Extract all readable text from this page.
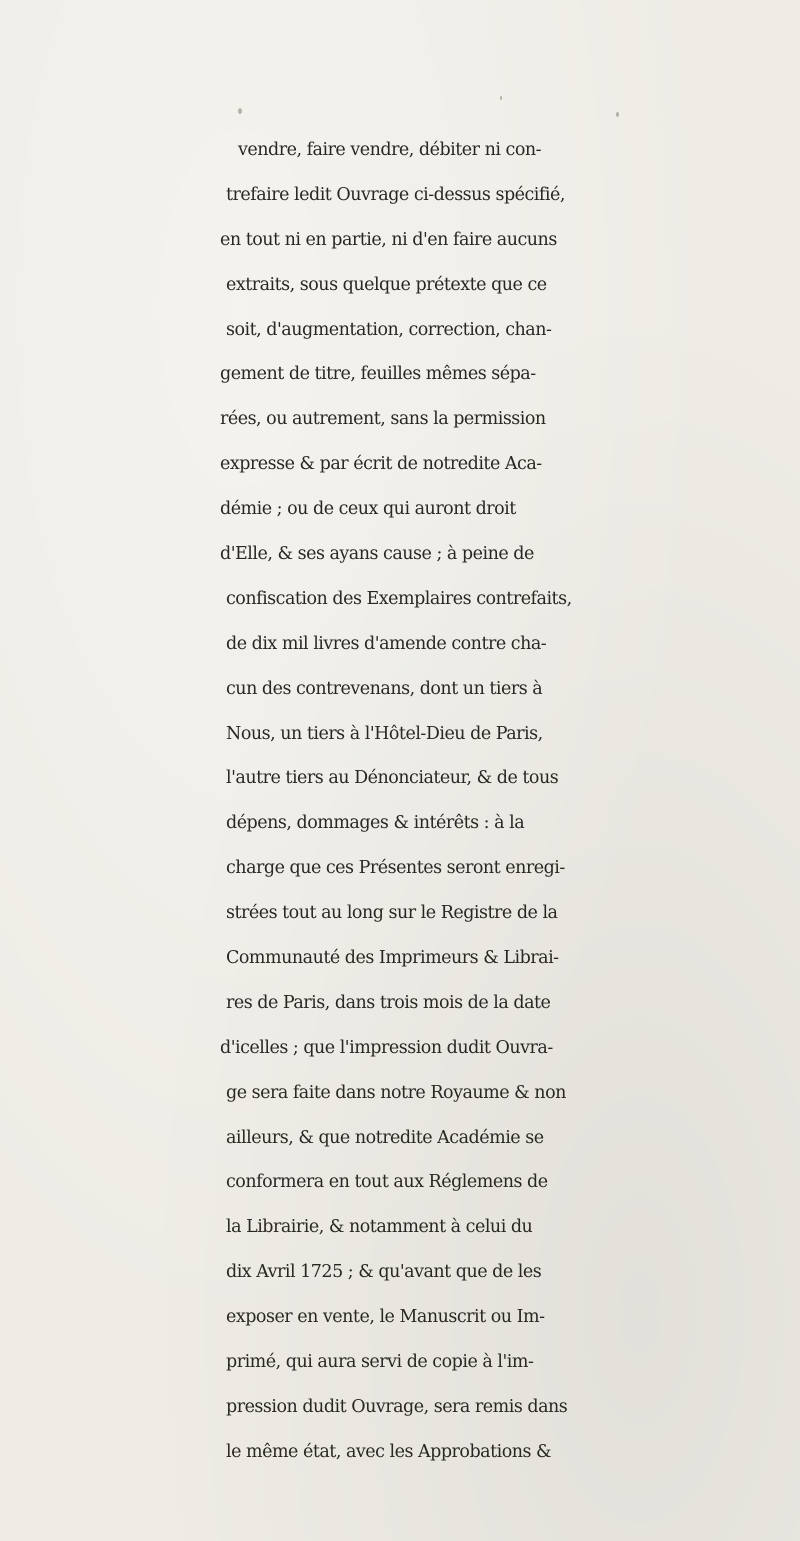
vendre, faire vendre, débiter ni con-
trefaire ledit Ouvrage ci-dessus spécifié,
en tout ni en partie, ni d'en faire aucuns
extraits, sous quelque prétexte que ce
soit, d'augmentation, correction, chan-
gement de titre, feuilles mêmes sépa-
rées, ou autrement, sans la permission
expresse & par écrit de notredite Aca-
démie ; ou de ceux qui auront droit
d'Elle, & ses ayans cause ; à peine de
confiscation des Exemplaires contrefaits,
de dix mil livres d'amende contre cha-
cun des contrevenans, dont un tiers à
Nous, un tiers à l'Hôtel-Dieu de Paris,
l'autre tiers au Dénonciateur, & de tous
dépens, dommages & intérêts : à la
charge que ces Présentes seront enregi-
strées tout au long sur le Registre de la
Communauté des Imprimeurs & Librai-
res de Paris, dans trois mois de la date
d'icelles ; que l'impression dudit Ouvra-
ge sera faite dans notre Royaume & non
ailleurs, & que notredite Académie se
conformera en tout aux Réglemens de
la Librairie, & notamment à celui du
dix Avril 1725 ; & qu'avant que de les
exposer en vente, le Manuscrit ou Im-
primé, qui aura servi de copie à l'im-
pression dudit Ouvrage, sera remis dans
le même état, avec les Approbations &
